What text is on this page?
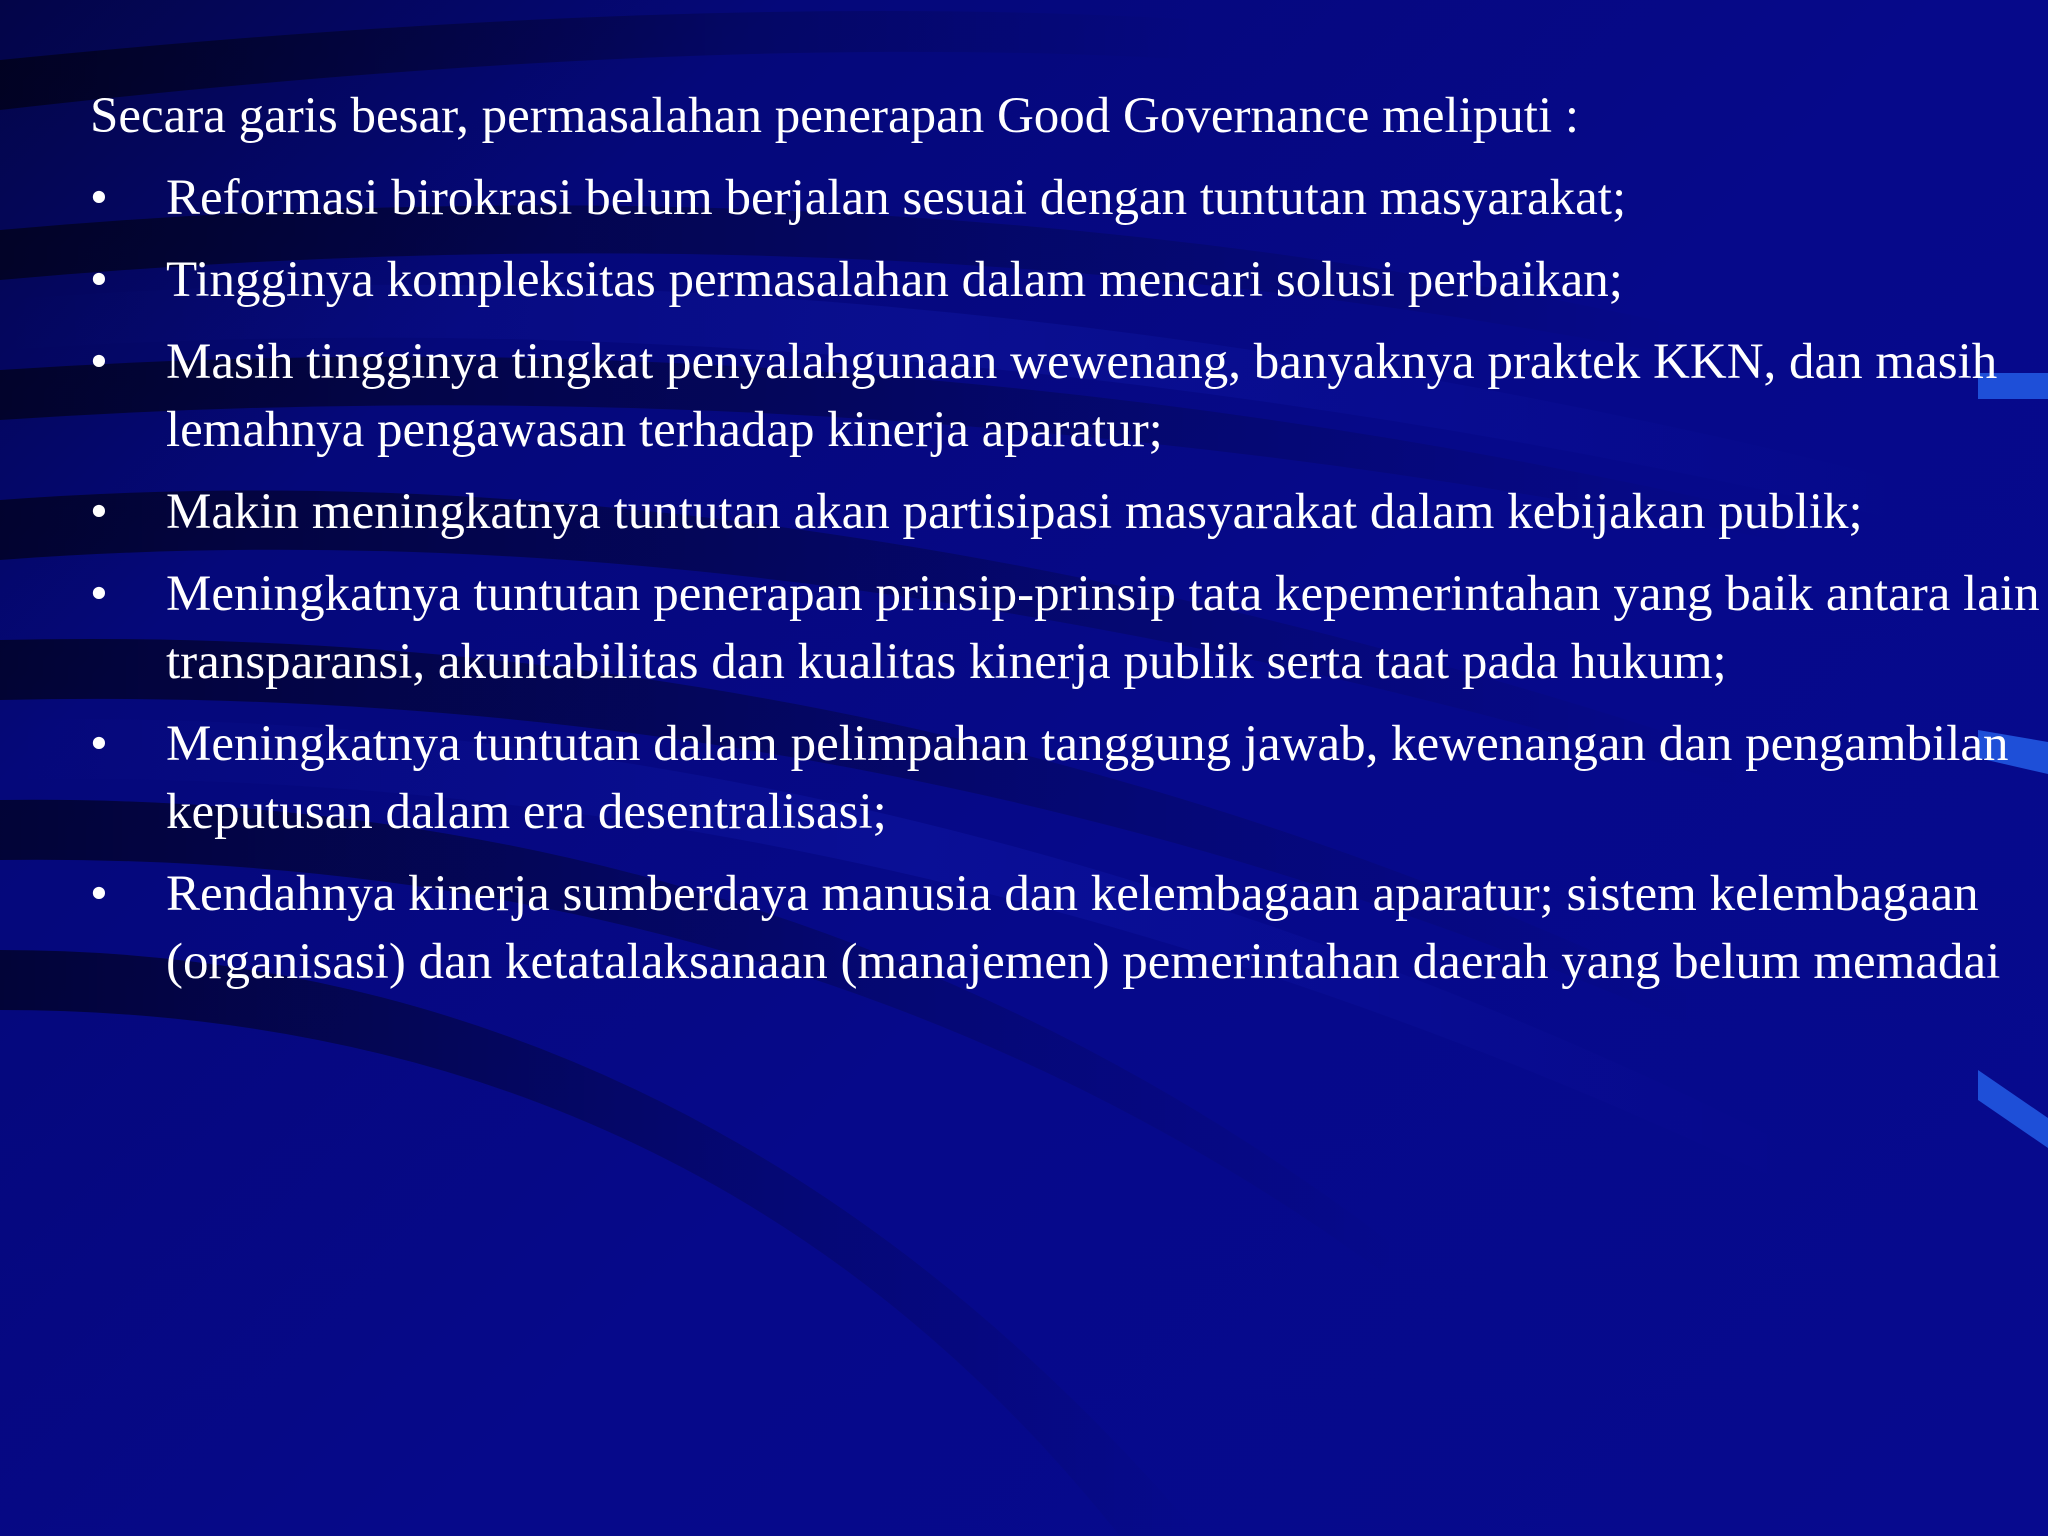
Secara garis besar, permasalahan penerapan Good Governance meliputi :

• Reformasi birokrasi belum berjalan sesuai dengan tuntutan masyarakat;
• Tingginya kompleksitas permasalahan dalam mencari solusi perbaikan;
• Masih tingginya tingkat penyalahgunaan wewenang, banyaknya praktek KKN, dan masih lemahnya pengawasan terhadap kinerja aparatur;
• Makin meningkatnya tuntutan akan partisipasi masyarakat dalam kebijakan publik;
• Meningkatnya tuntutan penerapan prinsip-prinsip tata kepemerintahan yang baik antara lain transparansi, akuntabilitas dan kualitas kinerja publik serta taat pada hukum;
• Meningkatnya tuntutan dalam pelimpahan tanggung jawab, kewenangan dan pengambilan keputusan dalam era desentralisasi;
• Rendahnya kinerja sumberdaya manusia dan kelembagaan aparatur; sistem kelembagaan (organisasi) dan ketatalaksanaan (manajemen) pemerintahan daerah yang belum memadai
